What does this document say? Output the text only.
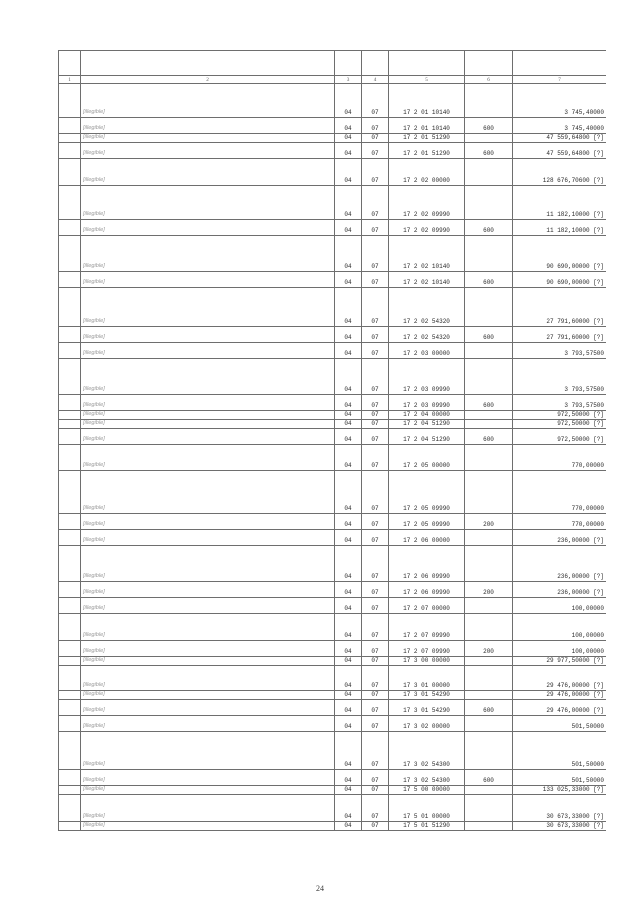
1	2	3	4	5	6	7
	[illegible]	04	07	17 2 01 10140		3 745,40000
	[illegible]	04	07	17 2 01 10140	600	3 745,40000
	[illegible]	04	07	17 2 01 51290		47 559,64800 [?]
	[illegible]	04	07	17 2 01 51290	600	47 559,64800 [?]
	[illegible]	04	07	17 2 02 00000		128 676,70600 [?]
	[illegible]	04	07	17 2 02 09990		11 182,10000 [?]
	[illegible]	04	07	17 2 02 09990	600	11 182,10000 [?]
	[illegible]	04	07	17 2 02 10140		90 690,00000 [?]
	[illegible]	04	07	17 2 02 10140	600	90 690,00000 [?]
	[illegible]	04	07	17 2 02 54320		27 791,60000 [?]
	[illegible]	04	07	17 2 02 54320	600	27 791,60000 [?]
	[illegible]	04	07	17 2 03 00000		3 793,57500
	[illegible]	04	07	17 2 03 09990		3 793,57500
	[illegible]	04	07	17 2 03 09990	600	3 793,57500
	[illegible]	04	07	17 2 04 00000		972,50000 [?]
	[illegible]	04	07	17 2 04 51290		972,50000 [?]
	[illegible]	04	07	17 2 04 51290	600	972,50000 [?]
	[illegible]	04	07	17 2 05 00000		770,00000
	[illegible]	04	07	17 2 05 09990		770,00000
	[illegible]	04	07	17 2 05 09990	200	770,00000
	[illegible]	04	07	17 2 06 00000		236,00000 [?]
	[illegible]	04	07	17 2 06 09990		236,00000 [?]
	[illegible]	04	07	17 2 06 09990	200	236,00000 [?]
	[illegible]	04	07	17 2 07 00000		100,00000
	[illegible]	04	07	17 2 07 09990		100,00000
	[illegible]	04	07	17 2 07 09990	200	100,00000
	[illegible]	04	07	17 3 00 00000		29 977,50000 [?]
	[illegible]	04	07	17 3 01 00000		29 476,00000 [?]
	[illegible]	04	07	17 3 01 54290		29 476,00000 [?]
	[illegible]	04	07	17 3 01 54290	600	29 476,00000 [?]
	[illegible]	04	07	17 3 02 00000		501,50000
	[illegible]	04	07	17 3 02 54300		501,50000
	[illegible]	04	07	17 3 02 54300	600	501,50000
	[illegible]	04	07	17 5 00 00000		133 025,33000 [?]
	[illegible]	04	07	17 5 01 00000		30 673,33000 [?]
	[illegible]	04	07	17 5 01 51290		30 673,33000 [?]
24
